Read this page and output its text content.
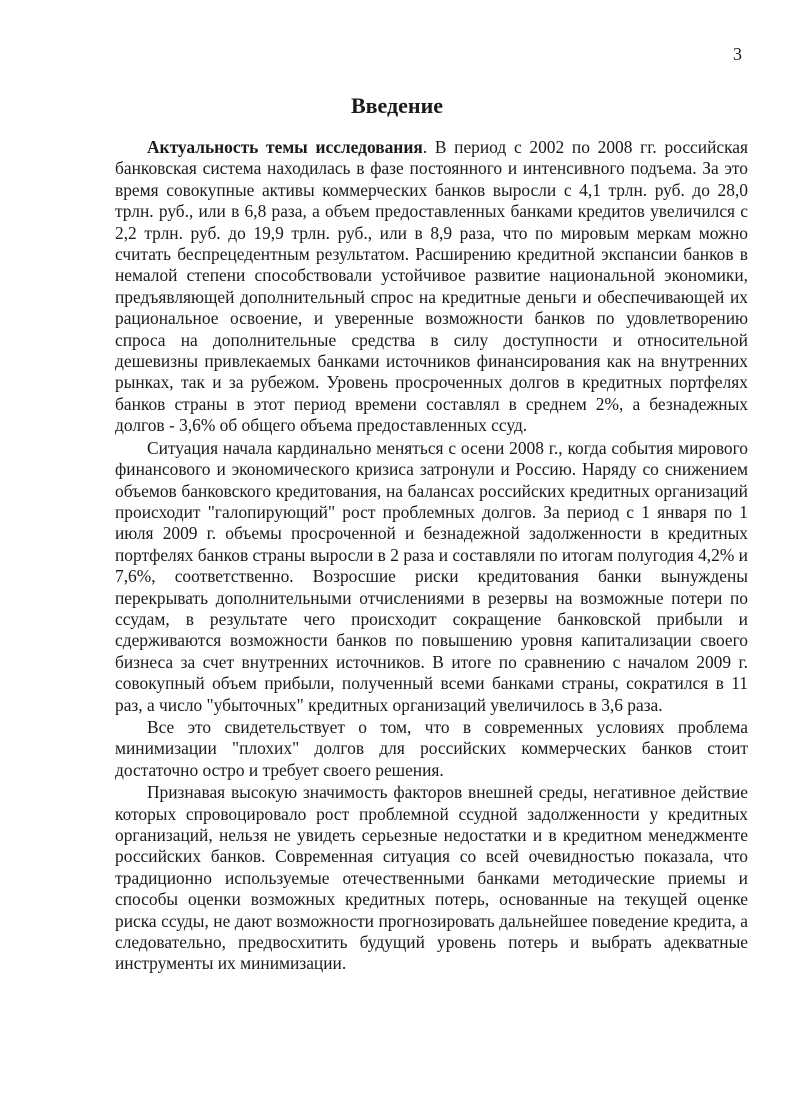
3
Введение

Актуальность темы исследования. В период с 2002 по 2008 гг. российская банковская система находилась в фазе постоянного и интенсивного подъема. За это время совокупные активы коммерческих банков выросли с 4,1 трлн. руб. до 28,0 трлн. руб., или в 6,8 раза, а объем предоставленных банками кредитов увеличился с 2,2 трлн. руб. до 19,9 трлн. руб., или в 8,9 раза, что по мировым меркам можно считать беспрецедентным результатом. Расширению кредитной экспансии банков в немалой степени способствовали устойчивое развитие национальной экономики, предъявляющей дополнительный спрос на кредитные деньги и обеспечивающей их рациональное освоение, и уверенные возможности банков по удовлетворению спроса на дополнительные средства в силу доступности и относительной дешевизны привлекаемых банками источников финансирования как на внутренних рынках, так и за рубежом. Уровень просроченных долгов в кредитных портфелях банков страны в этот период времени составлял в среднем 2%, а безнадежных долгов - 3,6% об общего объема предоставленных ссуд.

Ситуация начала кардинально меняться с осени 2008 г., когда события мирового финансового и экономического кризиса затронули и Россию. Наряду со снижением объемов банковского кредитования, на балансах российских кредитных организаций происходит "галопирующий" рост проблемных долгов. За период с 1 января по 1 июля 2009 г. объемы просроченной и безнадежной задолженности в кредитных портфелях банков страны выросли в 2 раза и составляли по итогам полугодия 4,2% и 7,6%, соответственно. Возросшие риски кредитования банки вынуждены перекрывать дополнительными отчислениями в резервы на возможные потери по ссудам, в результате чего происходит сокращение банковской прибыли и сдерживаются возможности банков по повышению уровня капитализации своего бизнеса за счет внутренних источников. В итоге по сравнению с началом 2009 г. совокупный объем прибыли, полученный всеми банками страны, сократился в 11 раз, а число "убыточных" кредитных организаций увеличилось в 3,6 раза.

Все это свидетельствует о том, что в современных условиях проблема минимизации "плохих" долгов для российских коммерческих банков стоит достаточно остро и требует своего решения.

Признавая высокую значимость факторов внешней среды, негативное действие которых спровоцировало рост проблемной ссудной задолженности у кредитных организаций, нельзя не увидеть серьезные недостатки и в кредитном менеджменте российских банков. Современная ситуация со всей очевидностью показала, что традиционно используемые отечественными банками методические приемы и способы оценки возможных кредитных потерь, основанные на текущей оценке риска ссуды, не дают возможности прогнозировать дальнейшее поведение кредита, а следовательно, предвосхитить будущий уровень потерь и выбрать адекватные инструменты их минимизации.
